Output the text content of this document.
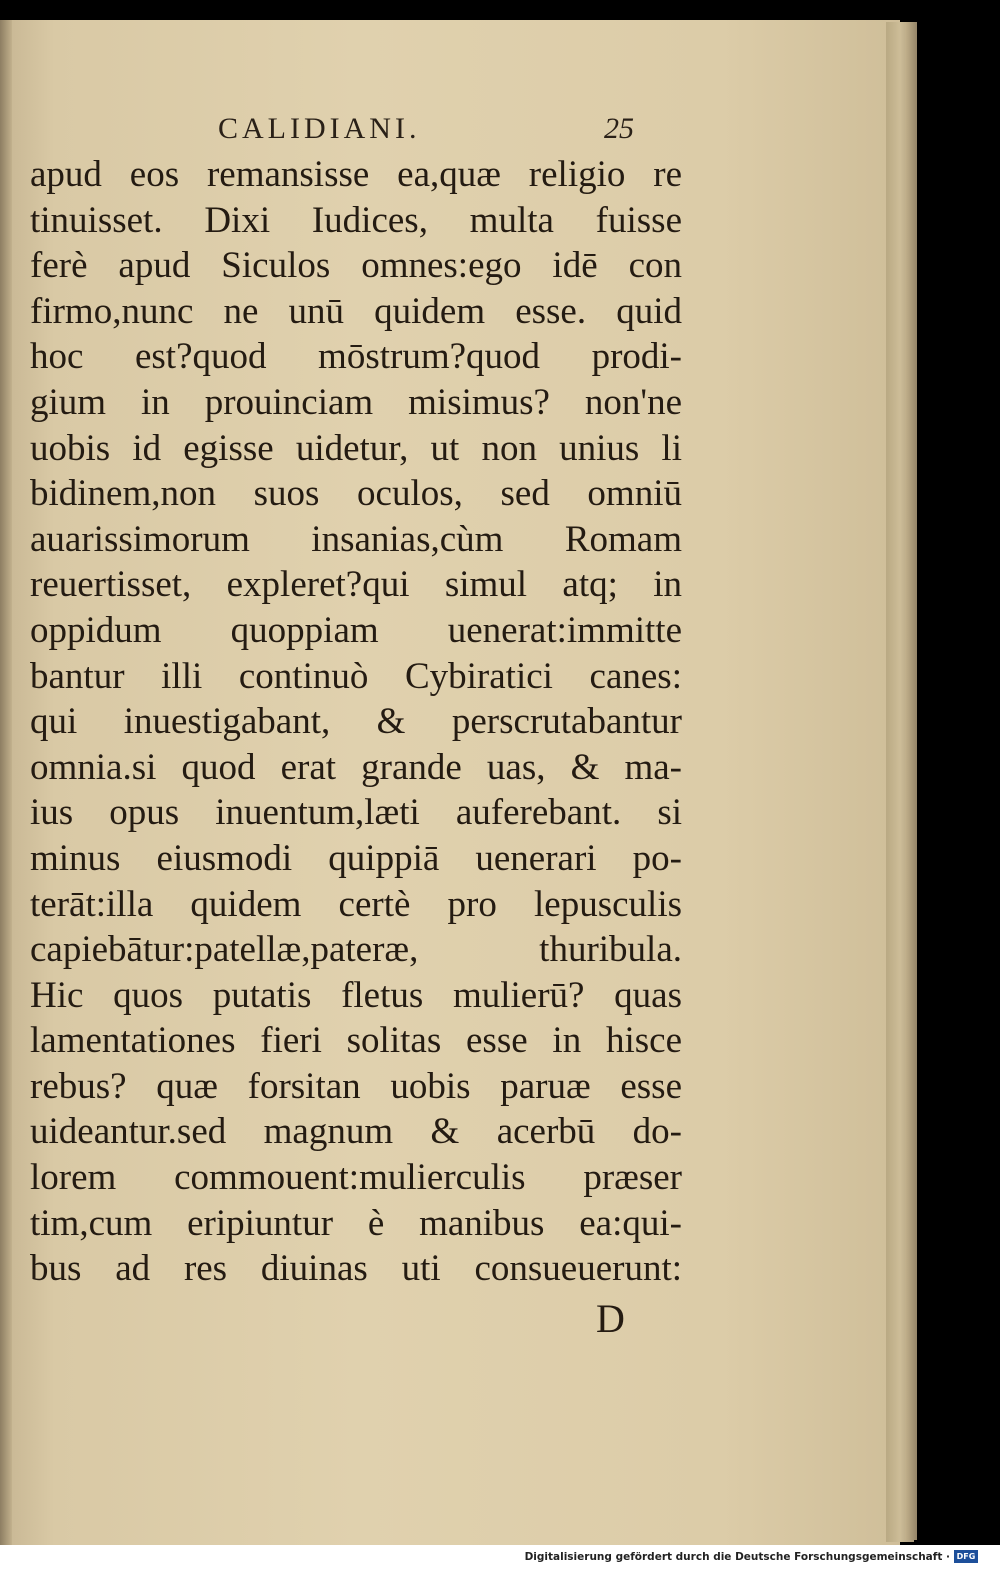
CALIDIANI.	25
apud eos remansisse ea,quæ religio re
tinuisset. Dixi Iudices, multa fuisse
ferè apud Siculos omnes:ego idē con
firmo,nunc ne unū quidem esse. quid
hoc est?quod mōstrum?quod prodi-
gium in prouinciam misimus? non'ne
uobis id egisse uidetur, ut non unius li
bidinem,non suos oculos, sed omniū
auarissimorum insanias,cùm Romam
reuertisset, expleret?qui simul atq; in
oppidum quoppiam uenerat:immitte
bantur illi continuò Cybiratici canes:
qui inuestigabant, & perscrutabantur
omnia.si quod erat grande uas, & ma-
ius opus inuentum,læti auferebant. si
minus eiusmodi quippiā uenerari po-
terāt:illa quidem certè pro lepusculis
capiebātur:patellæ,pateræ, thuribula.
Hic quos putatis fletus mulierū? quas
lamentationes fieri solitas esse in hisce
rebus? quæ forsitan uobis paruæ esse
uideantur.sed magnum & acerbū do-
lorem commouent:mulierculis præser
tim,cum eripiuntur è manibus ea:qui-
bus ad res diuinas uti consueuerunt:
D
Digitalisierung gefördert durch die Deutsche Forschungsgemeinschaft · DFG
